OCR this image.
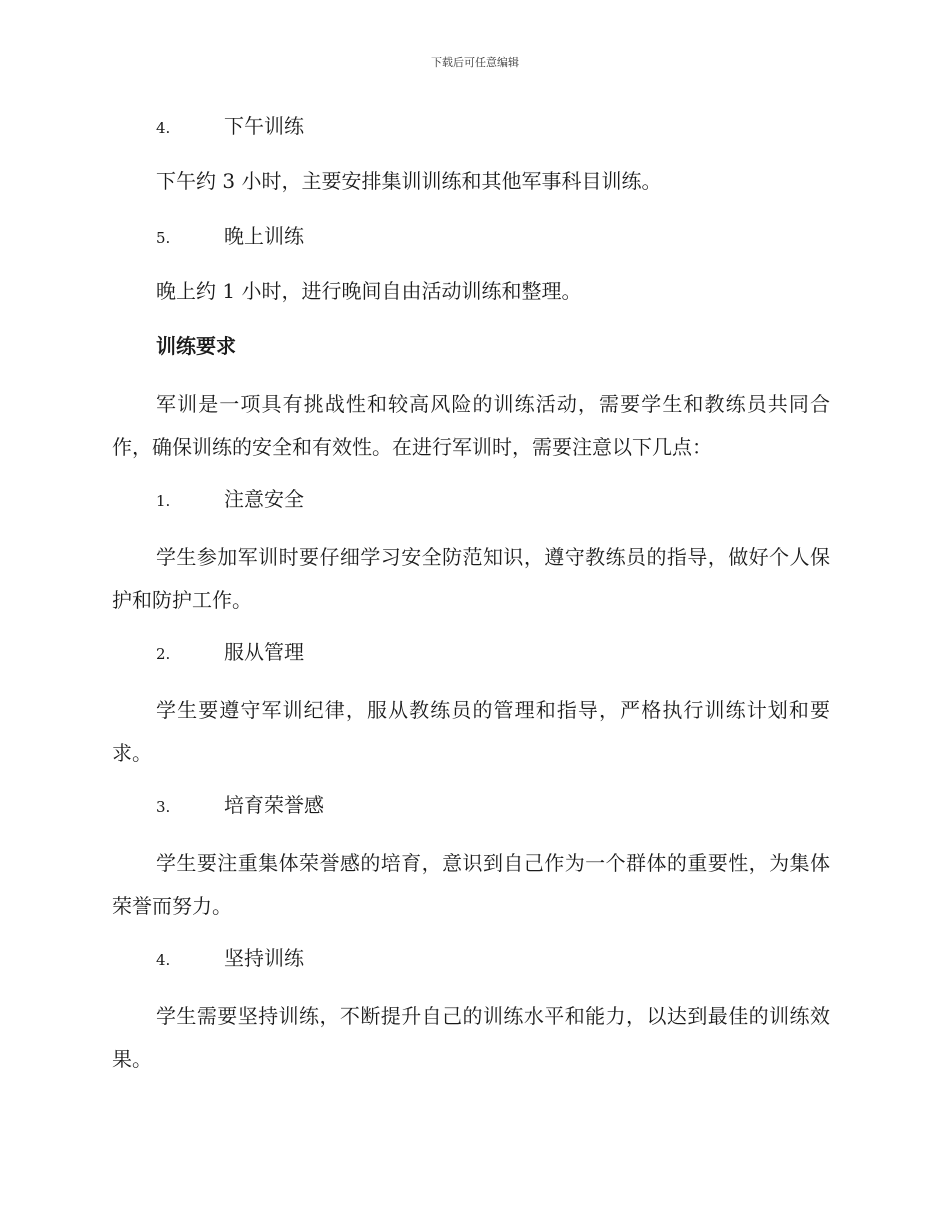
下载后可任意编辑
4.	下午训练

下午约 3 小时，主要安排集训训练和其他军事科目训练。

5.	晚上训练

晚上约 1 小时，进行晚间自由活动训练和整理。

训练要求

军训是一项具有挑战性和较高风险的训练活动，需要学生和教练员共同合作，确保训练的安全和有效性。在进行军训时，需要注意以下几点：

1.	注意安全

学生参加军训时要仔细学习安全防范知识，遵守教练员的指导，做好个人保护和防护工作。

2.	服从管理

学生要遵守军训纪律，服从教练员的管理和指导，严格执行训练计划和要求。

3.	培育荣誉感

学生要注重集体荣誉感的培育，意识到自己作为一个群体的重要性，为集体荣誉而努力。

4.	坚持训练

学生需要坚持训练，不断提升自己的训练水平和能力，以达到最佳的训练效果。
